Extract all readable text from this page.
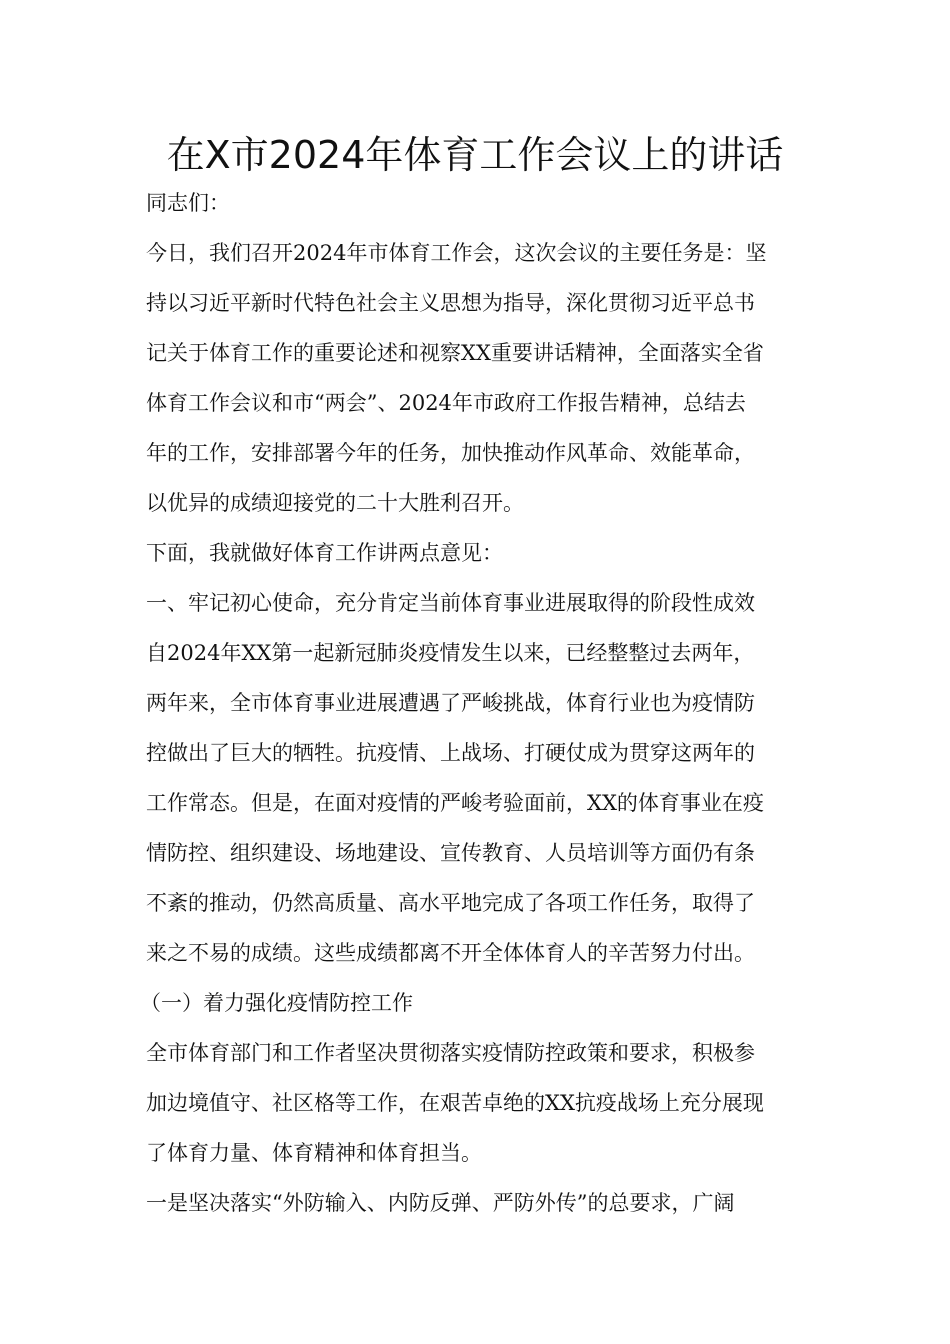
在X市2024年体育工作会议上的讲话

同志们：

今日，我们召开2024年市体育工作会，这次会议的主要任务是：坚

持以习近平新时代特色社会主义思想为指导，深化贯彻习近平总书

记关于体育工作的重要论述和视察XX重要讲话精神，全面落实全省

体育工作会议和市“两会”、2024年市政府工作报告精神，总结去

年的工作，安排部署今年的任务，加快推动作风革命、效能革命，

以优异的成绩迎接党的二十大胜利召开。

下面，我就做好体育工作讲两点意见：

一、牢记初心使命，充分肯定当前体育事业进展取得的阶段性成效

自2024年XX第一起新冠肺炎疫情发生以来，已经整整过去两年，

两年来，全市体育事业进展遭遇了严峻挑战，体育行业也为疫情防

控做出了巨大的牺牲。抗疫情、上战场、打硬仗成为贯穿这两年的

工作常态。但是，在面对疫情的严峻考验面前，XX的体育事业在疫

情防控、组织建设、场地建设、宣传教育、人员培训等方面仍有条

不紊的推动，仍然高质量、高水平地完成了各项工作任务，取得了

来之不易的成绩。这些成绩都离不开全体体育人的辛苦努力付出。

（一）着力强化疫情防控工作

全市体育部门和工作者坚决贯彻落实疫情防控政策和要求，积极参

加边境值守、社区格等工作，在艰苦卓绝的XX抗疫战场上充分展现

了体育力量、体育精神和体育担当。

一是坚决落实“外防输入、内防反弹、严防外传”的总要求，广阔
